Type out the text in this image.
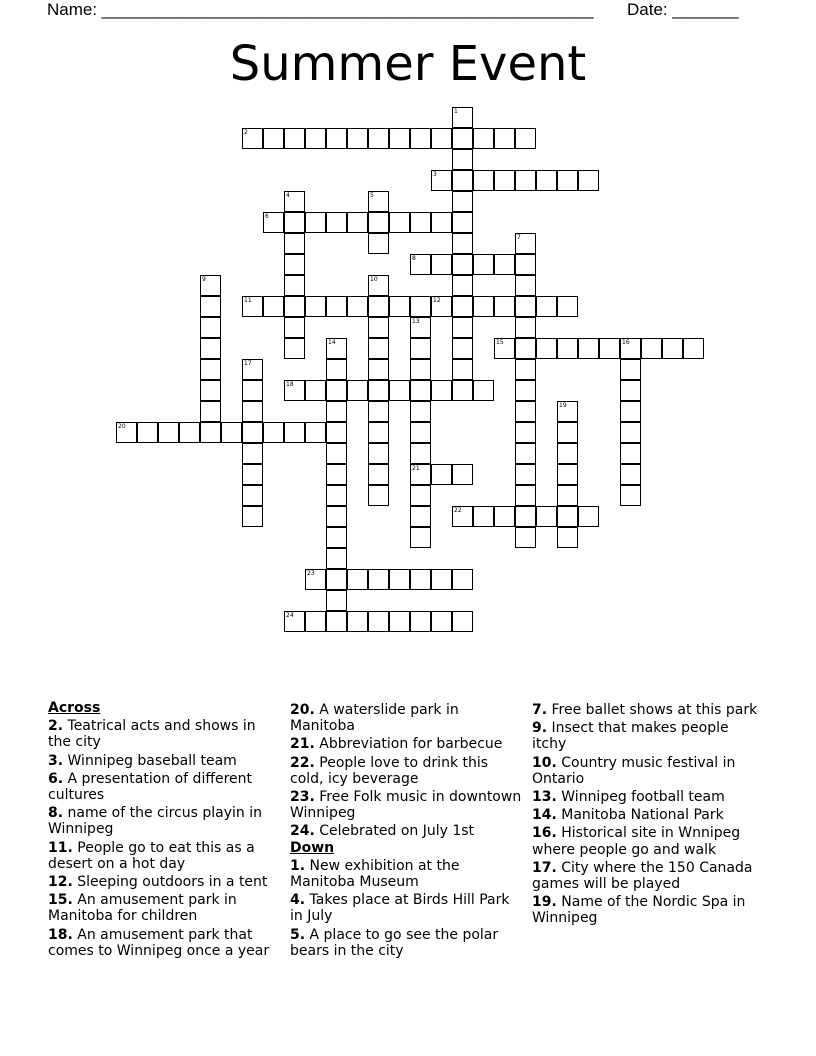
Name: ____________________________________________________ Date: _______
Summer Event
1
2
3
4	5
6
7
8
9	10
11	12
13
21
14	15	16
17
18
19
20
22
23
24
Across
2. Teatrical acts and shows in the city
3. Winnipeg baseball team
6. A presentation of different cultures
8. name of the circus playin in Winnipeg
11. People go to eat this as a desert on a hot day
12. Sleeping outdoors in a tent
15. An amusement park in Manitoba for children
18. An amusement park that comes to Winnipeg once a year
20. A waterslide park in Manitoba
21. Abbreviation for barbecue
22. People love to drink this cold, icy beverage
23. Free Folk music in downtown Winnipeg
24. Celebrated on July 1st
Down
1. New exhibition at the Manitoba Museum
4. Takes place at Birds Hill Park in July
5. A place to go see the polar bears in the city
7. Free ballet shows at this park
9. Insect that makes people itchy
10. Country music festival in Ontario
13. Winnipeg football team
14. Manitoba National Park
16. Historical site in Wnnipeg where people go and walk
17. City where the 150 Canada games will be played
19. Name of the Nordic Spa in Winnipeg
